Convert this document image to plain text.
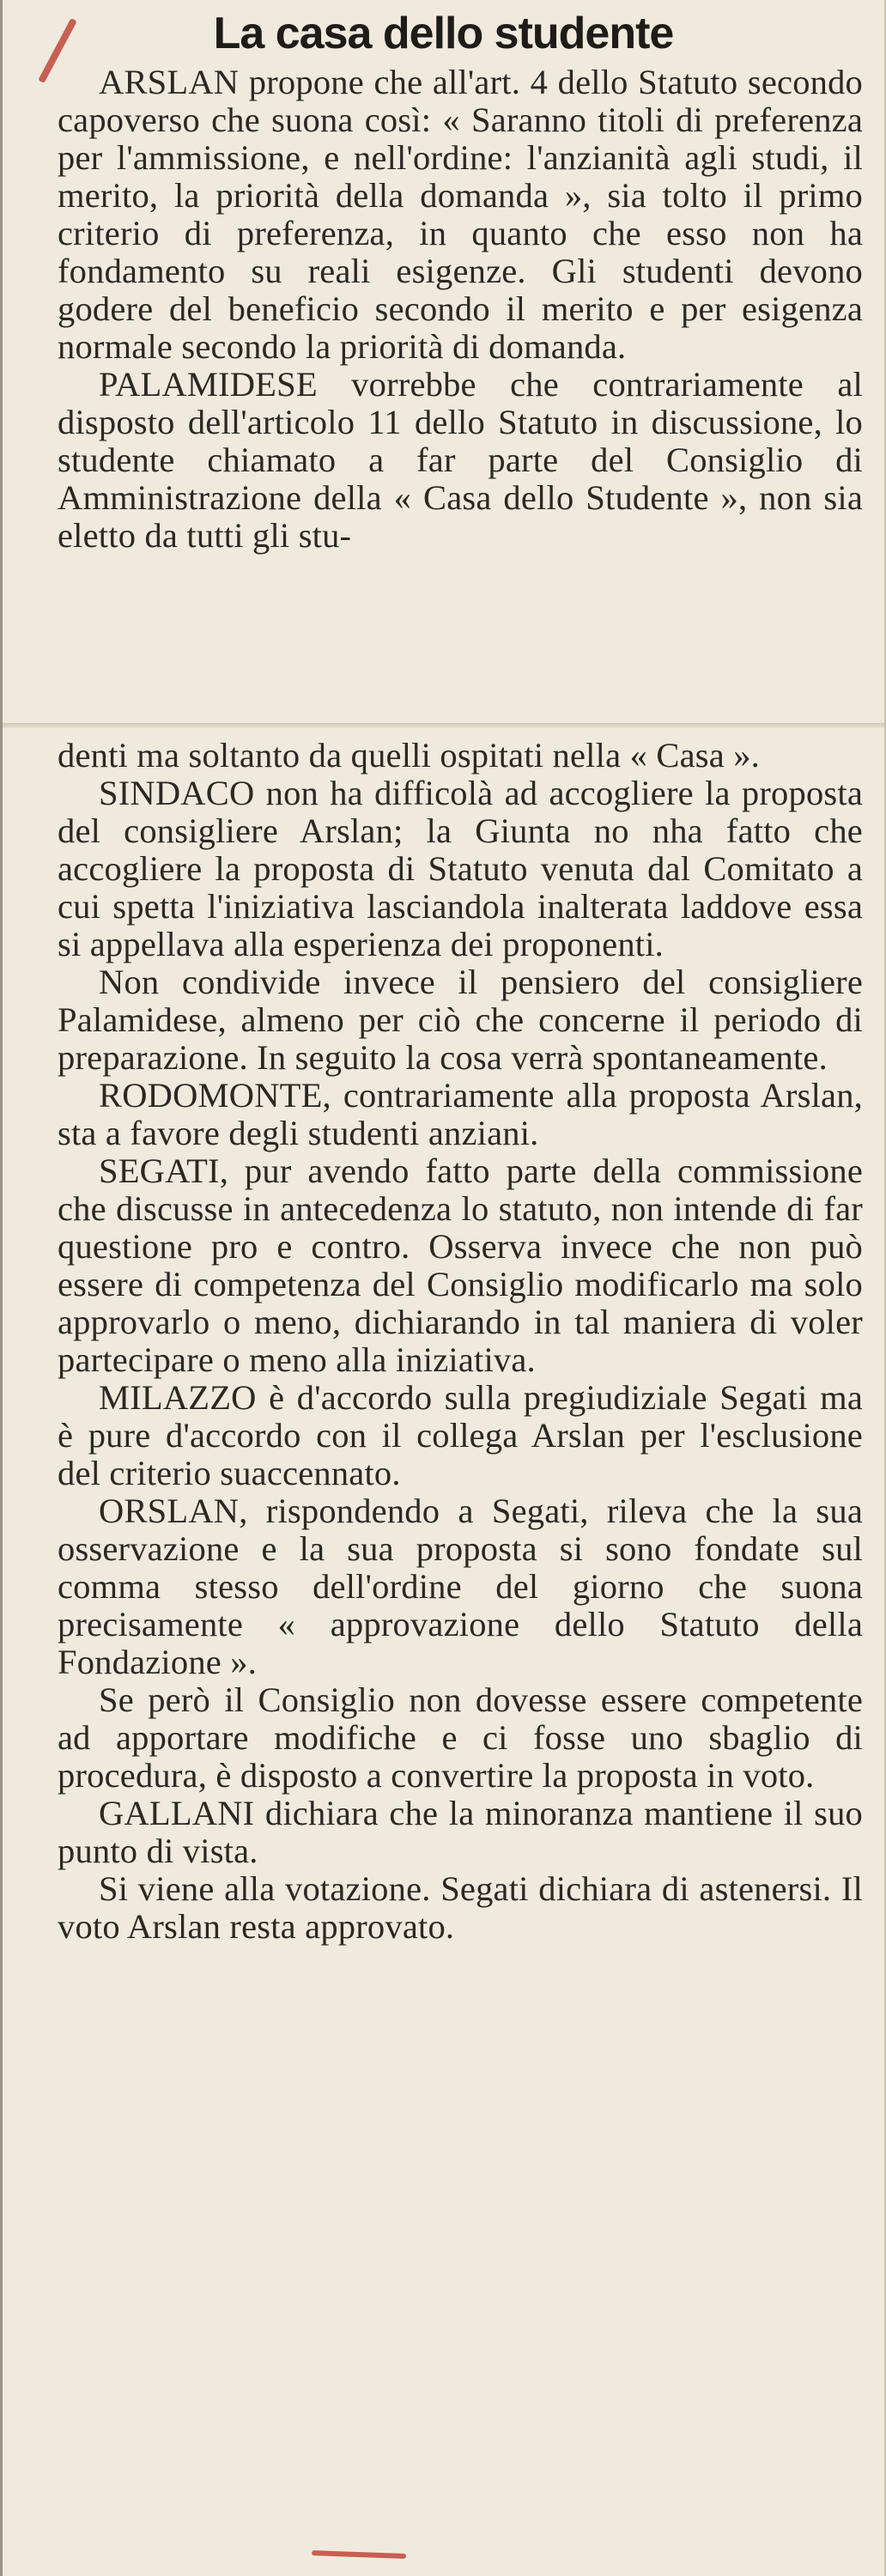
La casa dello studente

ARSLAN propone che all'art. 4 dello Statuto secondo capoverso che suona così: « Saranno titoli di preferenza per l'ammissione, e nell'ordine: l'anzianità agli studi, il merito, la priorità della domanda », sia tolto il primo criterio di preferenza, in quanto che esso non ha fondamento su reali esigenze. Gli studenti devono godere del beneficio secondo il merito e per esigenza normale secondo la priorità di domanda.

PALAMIDESE vorrebbe che contrariamente al disposto dell'articolo 11 dello Statuto in discussione, lo studente chiamato a far parte del Consiglio di Amministrazione della « Casa dello Studente », non sia eletto da tutti gli stu-

denti ma soltanto da quelli ospitati nella « Casa ».

SINDACO non ha difficolà ad accogliere la proposta del consigliere Arslan; la Giunta no nha fatto che accogliere la proposta di Statuto venuta dal Comitato a cui spetta l'iniziativa lasciandola inalterata laddove essa si appellava alla esperienza dei proponenti.

Non condivide invece il pensiero del consigliere Palamidese, almeno per ciò che concerne il periodo di preparazione. In seguito la cosa verrà spontaneamente.

RODOMONTE, contrariamente alla proposta Arslan, sta a favore degli studenti anziani.

SEGATI, pur avendo fatto parte della commissione che discusse in antecedenza lo statuto, non intende di far questione pro e contro. Osserva invece che non può essere di competenza del Consiglio modificarlo ma solo approvarlo o meno, dichiarando in tal maniera di voler partecipare o meno alla iniziativa.

MILAZZO è d'accordo sulla pregiudiziale Segati ma è pure d'accordo con il collega Arslan per l'esclusione del criterio suaccennato.

ORSLAN, rispondendo a Segati, rileva che la sua osservazione e la sua proposta si sono fondate sul comma stesso dell'ordine del giorno che suona precisamente « approvazione dello Statuto della Fondazione ».

Se però il Consiglio non dovesse essere competente ad apportare modifiche e ci fosse uno sbaglio di procedura, è disposto a convertire la proposta in voto.

GALLANI dichiara che la minoranza mantiene il suo punto di vista.

Si viene alla votazione. Segati dichiara di astenersi. Il voto Arslan resta approvato.
